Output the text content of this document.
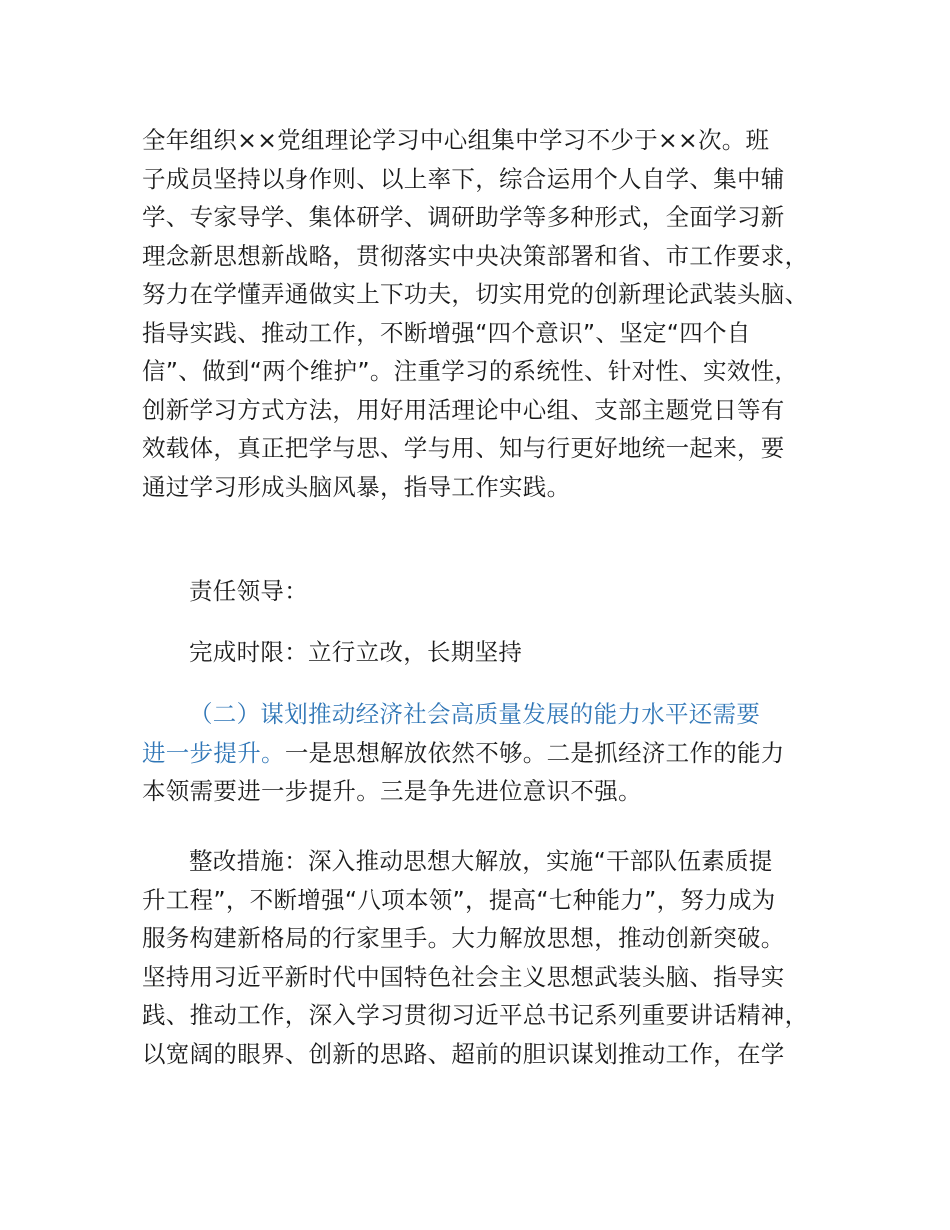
全年组织××党组理论学习中心组集中学习不少于××次。班
子成员坚持以身作则、以上率下，综合运用个人自学、集中辅
学、专家导学、集体研学、调研助学等多种形式，全面学习新
理念新思想新战略，贯彻落实中央决策部署和省、市工作要求，
努力在学懂弄通做实上下功夫，切实用党的创新理论武装头脑、
指导实践、推动工作，不断增强“四个意识”、坚定“四个自
信”、做到“两个维护”。注重学习的系统性、针对性、实效性，
创新学习方式方法，用好用活理论中心组、支部主题党日等有
效载体，真正把学与思、学与用、知与行更好地统一起来，要
通过学习形成头脑风暴，指导工作实践。
责任领导：
完成时限：立行立改，长期坚持
（二）谋划推动经济社会高质量发展的能力水平还需要
进一步提升。一是思想解放依然不够。二是抓经济工作的能力
本领需要进一步提升。三是争先进位意识不强。
整改措施：深入推动思想大解放，实施“干部队伍素质提
升工程”，不断增强“八项本领”，提高“七种能力”，努力成为
服务构建新格局的行家里手。大力解放思想，推动创新突破。
坚持用习近平新时代中国特色社会主义思想武装头脑、指导实
践、推动工作，深入学习贯彻习近平总书记系列重要讲话精神，
以宽阔的眼界、创新的思路、超前的胆识谋划推动工作，在学
